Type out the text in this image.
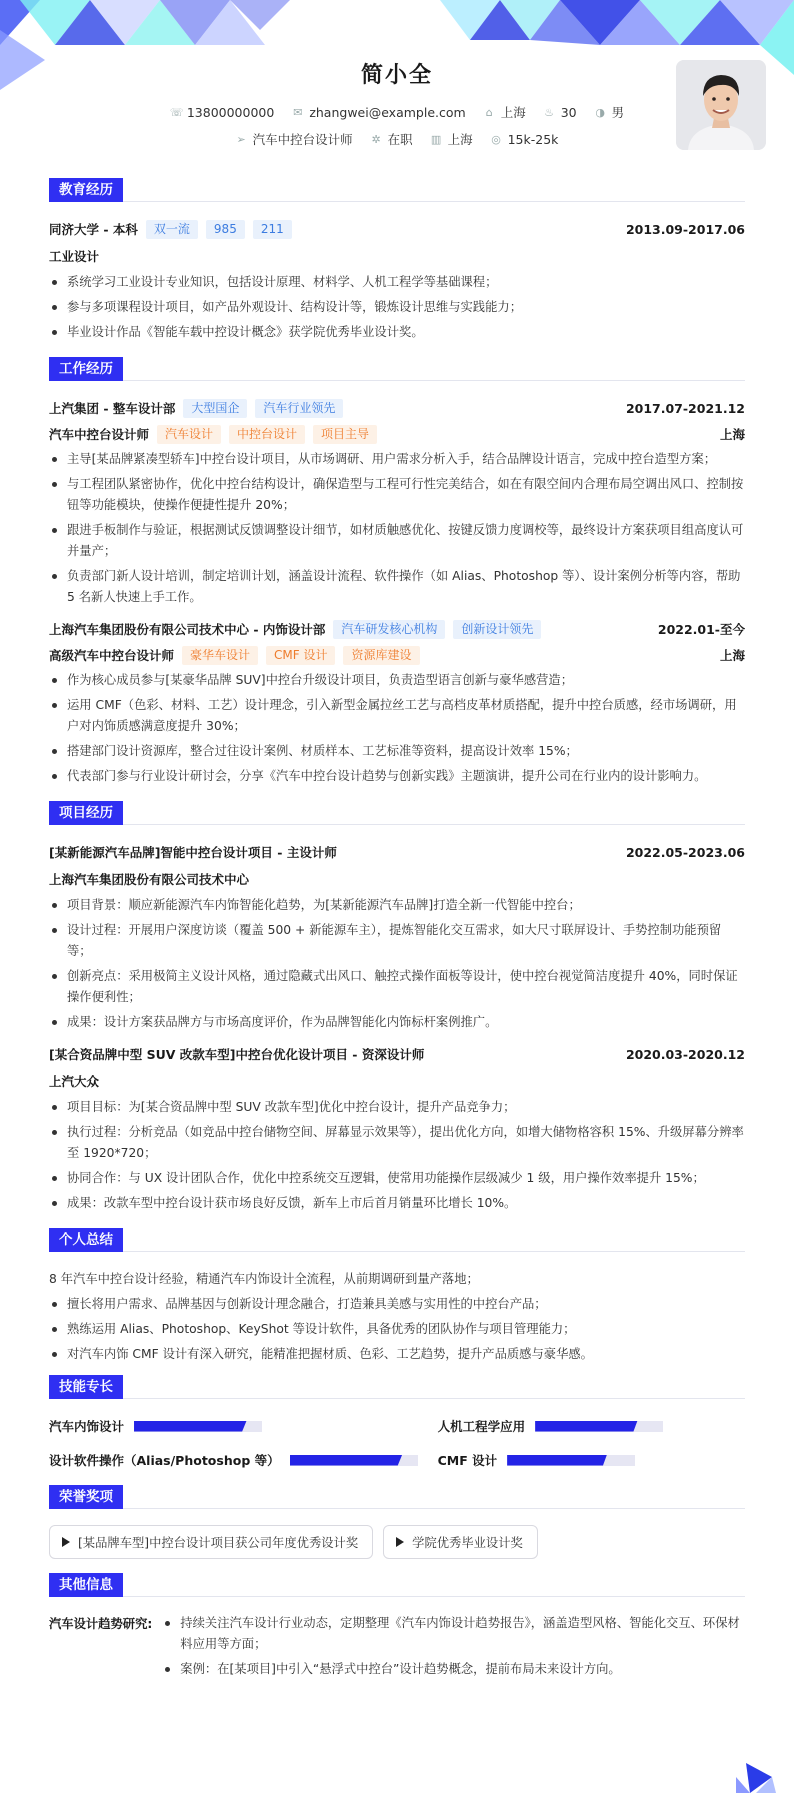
简小全
☏ 13800000000 ✉ zhangwei@example.com ⌂ 上海 ♨ 30 ◑ 男
➢ 汽车中控台设计师 ✲ 在职 ▥ 上海 ◎ 15k-25k
教育经历
同济大学 - 本科	双一流	985	211	2013.09-2017.06
工业设计
系统学习工业设计专业知识，包括设计原理、材料学、人机工程学等基础课程；
参与多项课程设计项目，如产品外观设计、结构设计等，锻炼设计思维与实践能力；
毕业设计作品《智能车载中控设计概念》获学院优秀毕业设计奖。
工作经历
上汽集团 - 整车设计部	大型国企	汽车行业领先	2017.07-2021.12
汽车中控台设计师	汽车设计	中控台设计	项目主导	上海
主导[某品牌紧凑型轿车]中控台设计项目，从市场调研、用户需求分析入手，结合品牌设计语言，完成中控台造型方案；
与工程团队紧密协作，优化中控台结构设计，确保造型与工程可行性完美结合，如在有限空间内合理布局空调出风口、控制按钮等功能模块，使操作便捷性提升 20%；
跟进手板制作与验证，根据测试反馈调整设计细节，如材质触感优化、按键反馈力度调校等，最终设计方案获项目组高度认可并量产；
负责部门新人设计培训，制定培训计划，涵盖设计流程、软件操作（如 Alias、Photoshop 等）、设计案例分析等内容，帮助 5 名新人快速上手工作。
上海汽车集团股份有限公司技术中心 - 内饰设计部	汽车研发核心机构	创新设计领先	2022.01-至今
高级汽车中控台设计师	豪华车设计	CMF 设计	资源库建设	上海
作为核心成员参与[某豪华品牌 SUV]中控台升级设计项目，负责造型语言创新与豪华感营造；
运用 CMF（色彩、材料、工艺）设计理念，引入新型金属拉丝工艺与高档皮革材质搭配，提升中控台质感，经市场调研，用户对内饰质感满意度提升 30%；
搭建部门设计资源库，整合过往设计案例、材质样本、工艺标准等资料，提高设计效率 15%；
代表部门参与行业设计研讨会，分享《汽车中控台设计趋势与创新实践》主题演讲，提升公司在行业内的设计影响力。
项目经历
[某新能源汽车品牌]智能中控台设计项目 - 主设计师	2022.05-2023.06
上海汽车集团股份有限公司技术中心
项目背景：顺应新能源汽车内饰智能化趋势，为[某新能源汽车品牌]打造全新一代智能中控台；
设计过程：开展用户深度访谈（覆盖 500 + 新能源车主），提炼智能化交互需求，如大尺寸联屏设计、手势控制功能预留等；
创新亮点：采用极简主义设计风格，通过隐藏式出风口、触控式操作面板等设计，使中控台视觉简洁度提升 40%，同时保证操作便利性；
成果：设计方案获品牌方与市场高度评价，作为品牌智能化内饰标杆案例推广。
[某合资品牌中型 SUV 改款车型]中控台优化设计项目 - 资深设计师	2020.03-2020.12
上汽大众
项目目标：为[某合资品牌中型 SUV 改款车型]优化中控台设计，提升产品竞争力；
执行过程：分析竞品（如竞品中控台储物空间、屏幕显示效果等），提出优化方向，如增大储物格容积 15%、升级屏幕分辨率至 1920*720；
协同合作：与 UX 设计团队合作，优化中控系统交互逻辑，使常用功能操作层级减少 1 级，用户操作效率提升 15%；
成果：改款车型中控台设计获市场良好反馈，新车上市后首月销量环比增长 10%。
个人总结
8 年汽车中控台设计经验，精通汽车内饰设计全流程，从前期调研到量产落地；
擅长将用户需求、品牌基因与创新设计理念融合，打造兼具美感与实用性的中控台产品；
熟练运用 Alias、Photoshop、KeyShot 等设计软件，具备优秀的团队协作与项目管理能力；
对汽车内饰 CMF 设计有深入研究，能精准把握材质、色彩、工艺趋势，提升产品质感与豪华感。
技能专长
汽车内饰设计	人机工程学应用
设计软件操作（Alias/Photoshop 等）	CMF 设计
荣誉奖项
[某品牌车型]中控台设计项目获公司年度优秀设计奖	学院优秀毕业设计奖
其他信息
汽车设计趋势研究:	持续关注汽车设计行业动态，定期整理《汽车内饰设计趋势报告》，涵盖造型风格、智能化交互、环保材料应用等方面；
案例：在[某项目]中引入“悬浮式中控台”设计趋势概念，提前布局未来设计方向。
